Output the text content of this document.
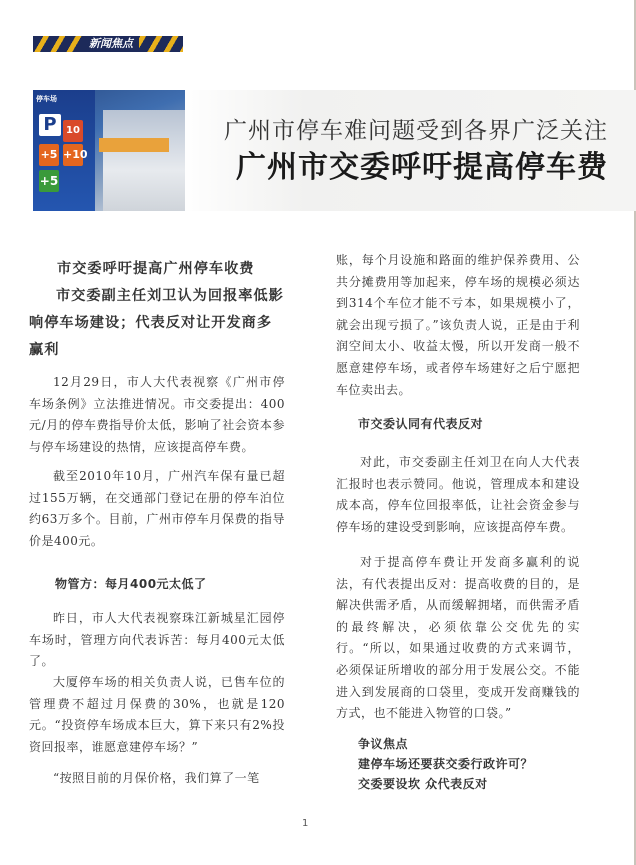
新闻焦点
停车场
P 10
+5 +10
+5
广州市停车难问题受到各界广泛关注
广州市交委呼吁提高停车费

市交委呼吁提高广州停车收费

市交委副主任刘卫认为回报率低影响停车场建设；代表反对让开发商多赢利

12月29日，市人大代表视察《广州市停车场条例》立法推进情况。市交委提出：400元/月的停车费指导价太低，影响了社会资本参与停车场建设的热情，应该提高停车费。

截至2010年10月，广州汽车保有量已超过155万辆，在交通部门登记在册的停车泊位约63万多个。目前，广州市停车月保费的指导价是400元。

物管方：每月400元太低了

昨日，市人大代表视察珠江新城星汇园停车场时，管理方向代表诉苦：每月400元太低了。

大厦停车场的相关负责人说，已售车位的管理费不超过月保费的30%，也就是120元。“投资停车场成本巨大，算下来只有2%投资回报率，谁愿意建停车场？”

“按照目前的月保价格，我们算了一笔

账，每个月设施和路面的维护保养费用、公共分摊费用等加起来，停车场的规模必须达到314个车位才能不亏本，如果规模小了，就会出现亏损了。”该负责人说，正是由于利润空间太小、收益太慢，所以开发商一般不愿意建停车场，或者停车场建好之后宁愿把车位卖出去。

市交委认同有代表反对

对此，市交委副主任刘卫在向人大代表汇报时也表示赞同。他说，管理成本和建设成本高，停车位回报率低，让社会资金参与停车场的建设受到影响，应该提高停车费。

对于提高停车费让开发商多赢利的说法，有代表提出反对：提高收费的目的，是解决供需矛盾，从而缓解拥堵，而供需矛盾的最终解决，必须依靠公交优先的实行。“所以，如果通过收费的方式来调节，必须保证所增收的部分用于发展公交。不能进入到发展商的口袋里，变成开发商赚钱的方式，也不能进入物管的口袋。”

争议焦点

建停车场还要获交委行政许可？

交委要设坎 众代表反对

1
